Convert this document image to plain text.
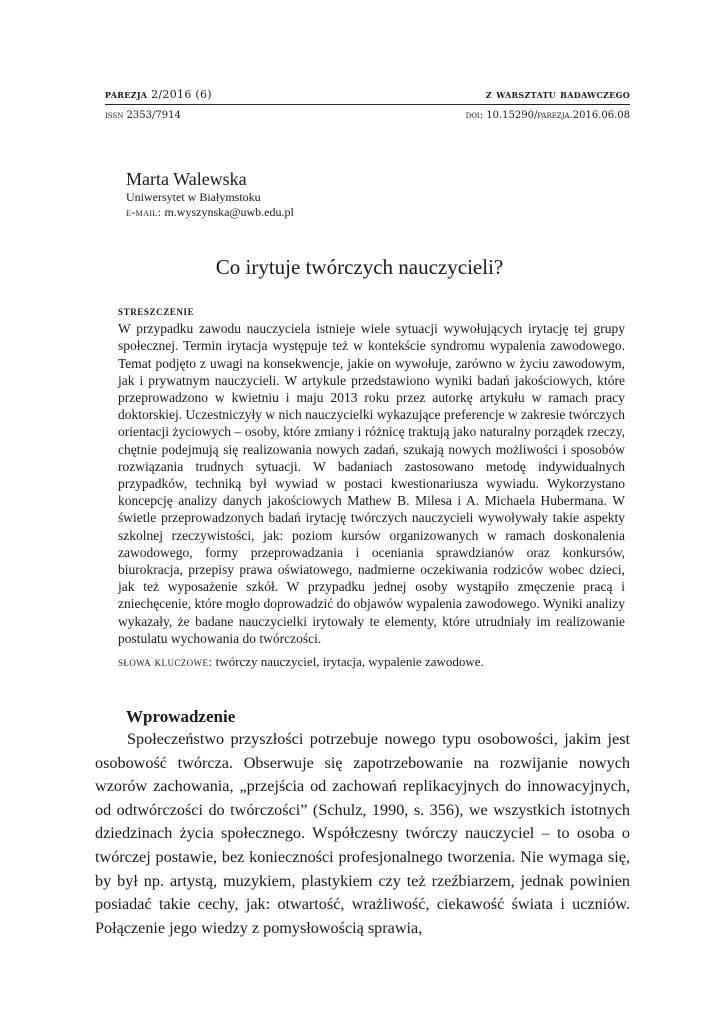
parezja 2/2016 (6)	z warsztatu badawczego
issn 2353/7914	doi: 10.15290/parezja.2016.06.08
Marta Walewska
Uniwersytet w Białymstoku
e-mail: m.wyszynska@uwb.edu.pl
Co irytuje twórczych nauczycieli?
streszczenie

W przypadku zawodu nauczyciela istnieje wiele sytuacji wywołujących irytację tej grupy społecznej. Termin irytacja występuje też w kontekście syndromu wypalenia zawodowego. Temat podjęto z uwagi na konsekwencje, jakie on wywołuje, zarówno w życiu zawodowym, jak i prywatnym nauczycieli. W artykule przedstawiono wyniki badań jakościowych, które przeprowadzono w kwietniu i maju 2013 roku przez autorkę artykułu w ramach pracy doktorskiej. Uczestniczyły w nich nauczycielki wykazujące preferencje w zakresie twórczych orientacji życiowych – osoby, które zmiany i różnicę traktują jako naturalny porządek rzeczy, chętnie podejmują się realizowania nowych zadań, szukają nowych możliwości i sposobów rozwiązania trudnych sytuacji. W badaniach zastosowano metodę indywidualnych przypadków, techniką był wywiad w postaci kwestionariusza wywiadu. Wykorzystano koncepcję analizy danych jakościowych Mathew B. Milesa i A. Michaela Hubermana. W świetle przeprowadzonych badań irytację twórczych nauczycieli wywoływały takie aspekty szkolnej rzeczywistości, jak: poziom kursów organizowanych w ramach doskonalenia zawodowego, formy przeprowadzania i oceniania sprawdzianów oraz konkursów, biurokracja, przepisy prawa oświatowego, nadmierne oczekiwania rodziców wobec dzieci, jak też wyposażenie szkół. W przypadku jednej osoby wystąpiło zmęczenie pracą i zniechęcenie, które mogło doprowadzić do objawów wypalenia zawodowego. Wyniki analizy wykazały, że badane nauczycielki irytowały te elementy, które utrudniały im realizowanie postulatu wychowania do twórczości.

słowa kluczowe: twórczy nauczyciel, irytacja, wypalenie zawodowe.
Wprowadzenie

Społeczeństwo przyszłości potrzebuje nowego typu osobowości, jakim jest osobowość twórcza. Obserwuje się zapotrzebowanie na rozwijanie nowych wzorów zachowania, „przejścia od zachowań replikacyjnych do innowacyjnych, od odtwórczości do twórczości” (Schulz, 1990, s. 356), we wszystkich istotnych dziedzinach życia społecznego. Współczesny twórczy nauczyciel – to osoba o twórczej postawie, bez konieczności profesjonalnego tworzenia. Nie wymaga się, by był np. artystą, muzykiem, plastykiem czy też rzeźbiarzem, jednak powinien posiadać takie cechy, jak: otwartość, wrażliwość, ciekawość świata i uczniów. Połączenie jego wiedzy z pomysłowością sprawia,
